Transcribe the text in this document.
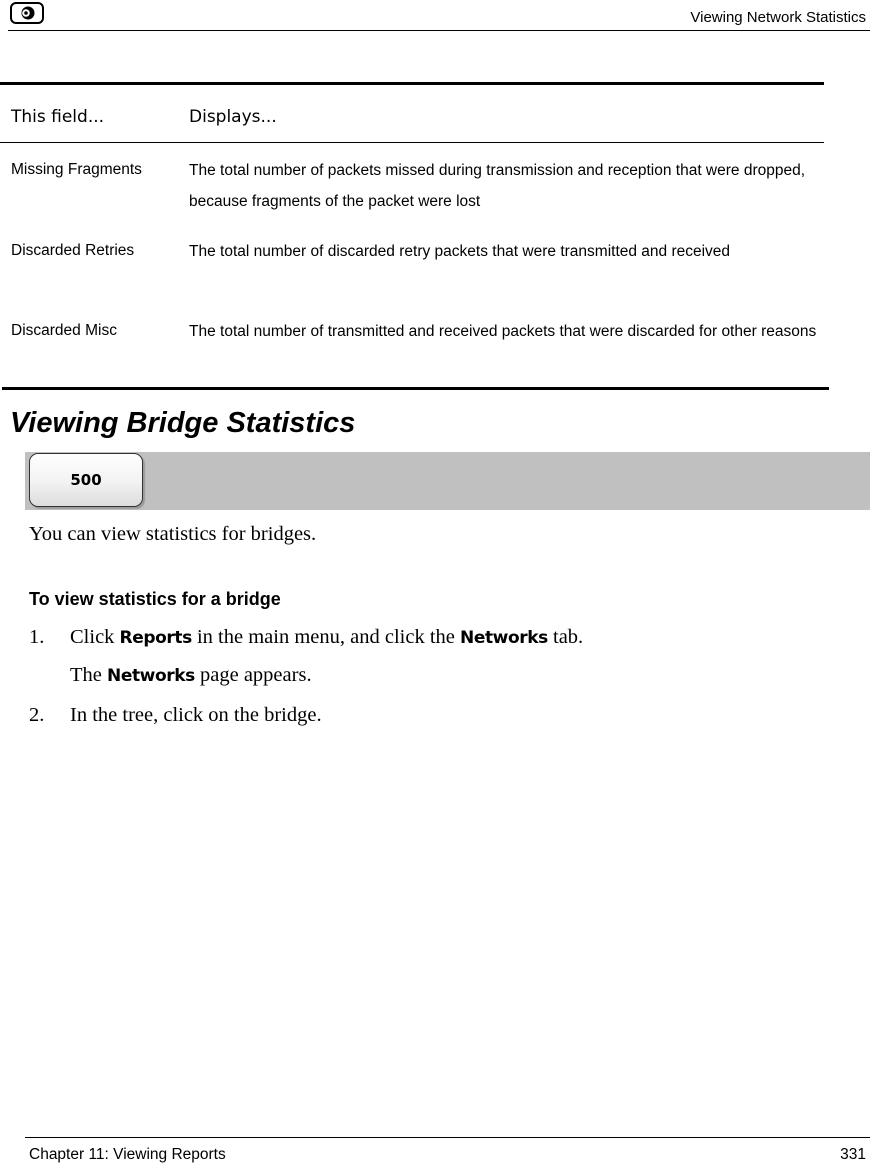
Viewing Network Statistics
This field...	Displays...
Missing Fragments	The total number of packets missed during transmission and reception that were dropped, because fragments of the packet were lost
Discarded Retries	The total number of discarded retry packets that were transmitted and received
Discarded Misc	The total number of transmitted and received packets that were discarded for other reasons
Viewing Bridge Statistics
500
You can view statistics for bridges.
To view statistics for a bridge
1. Click Reports in the main menu, and click the Networks tab.
The Networks page appears.
2. In the tree, click on the bridge.
Chapter 11: Viewing Reports	331
